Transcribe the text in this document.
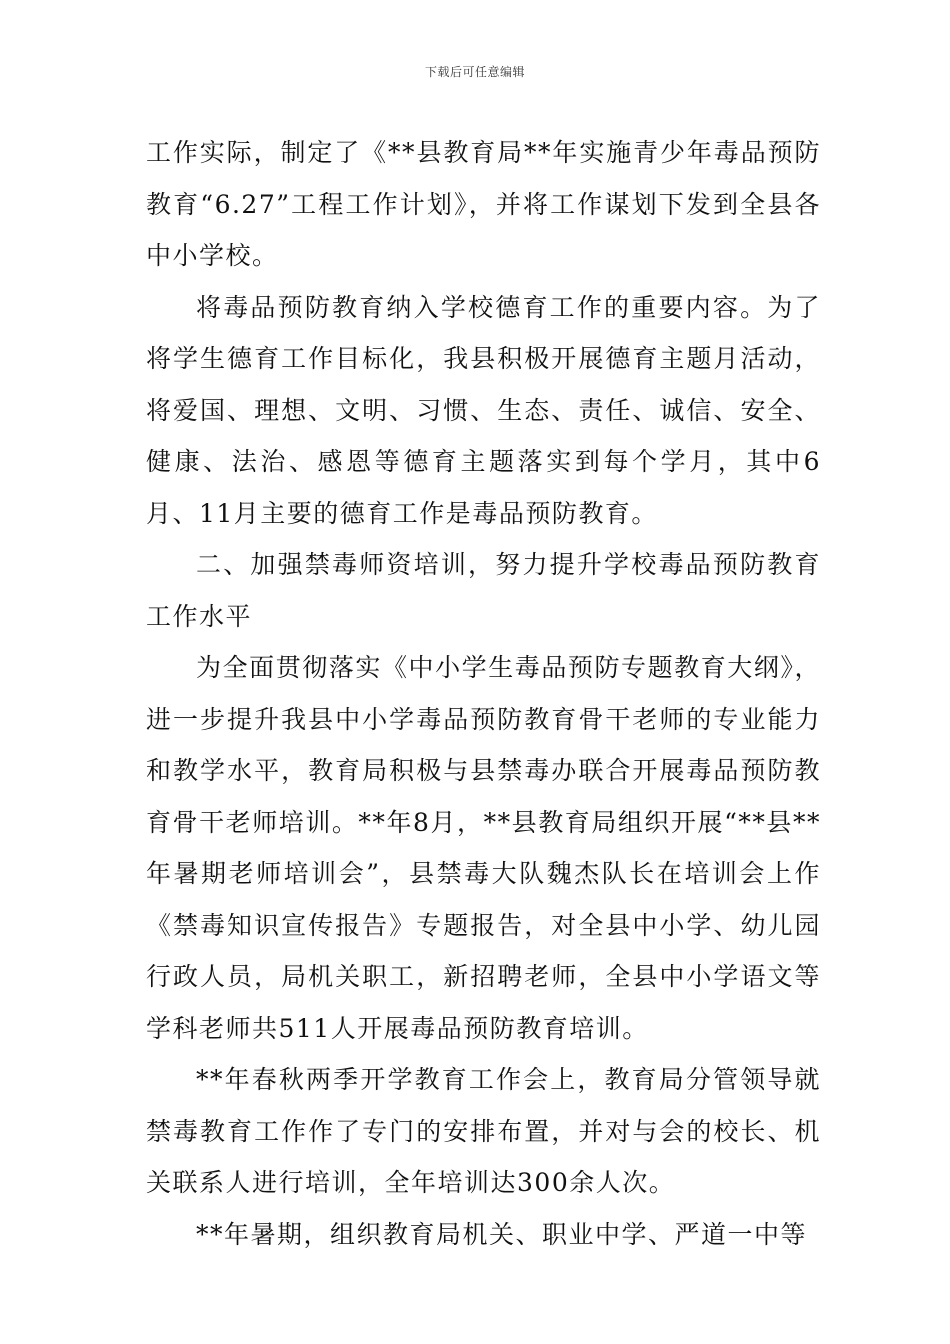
下载后可任意编辑

工作实际，制定了《**县教育局**年实施青少年毒品预防教育“6.27”工程工作计划》，并将工作谋划下发到全县各中小学校。

将毒品预防教育纳入学校德育工作的重要内容。为了将学生德育工作目标化，我县积极开展德育主题月活动，将爱国、理想、文明、习惯、生态、责任、诚信、安全、健康、法治、感恩等德育主题落实到每个学月，其中6月、11月主要的德育工作是毒品预防教育。

二、加强禁毒师资培训，努力提升学校毒品预防教育工作水平

为全面贯彻落实《中小学生毒品预防专题教育大纲》，进一步提升我县中小学毒品预防教育骨干老师的专业能力和教学水平，教育局积极与县禁毒办联合开展毒品预防教育骨干老师培训。**年8月，**县教育局组织开展“**县**年暑期老师培训会”，县禁毒大队魏杰队长在培训会上作《禁毒知识宣传报告》专题报告，对全县中小学、幼儿园行政人员，局机关职工，新招聘老师，全县中小学语文等学科老师共511人开展毒品预防教育培训。

**年春秋两季开学教育工作会上，教育局分管领导就禁毒教育工作作了专门的安排布置，并对与会的校长、机关联系人进行培训，全年培训达300余人次。

**年暑期，组织教育局机关、职业中学、严道一中等
